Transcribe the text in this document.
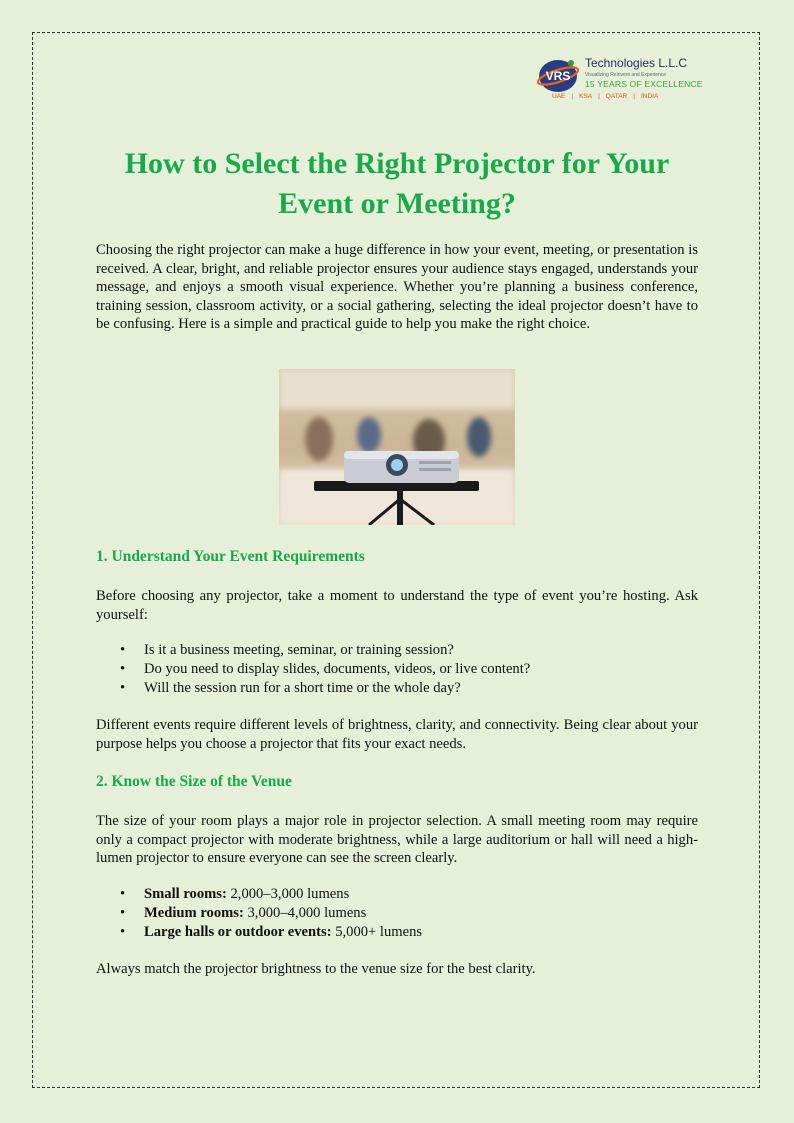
VRS
Technologies L.L.C
Visualizing Reinvent and Experience
15 YEARS OF EXCELLENCE
UAE | KSA | QATAR | INDIA
How to Select the Right Projector for Your Event or Meeting?

Choosing the right projector can make a huge difference in how your event, meeting, or presentation is received. A clear, bright, and reliable projector ensures your audience stays engaged, understands your message, and enjoys a smooth visual experience. Whether you’re planning a business conference, training session, classroom activity, or a social gathering, selecting the ideal projector doesn’t have to be confusing. Here is a simple and practical guide to help you make the right choice.

1. Understand Your Event Requirements

Before choosing any projector, take a moment to understand the type of event you’re hosting. Ask yourself:

• Is it a business meeting, seminar, or training session?
• Do you need to display slides, documents, videos, or live content?
• Will the session run for a short time or the whole day?

Different events require different levels of brightness, clarity, and connectivity. Being clear about your purpose helps you choose a projector that fits your exact needs.

2. Know the Size of the Venue

The size of your room plays a major role in projector selection. A small meeting room may require only a compact projector with moderate brightness, while a large auditorium or hall will need a high-lumen projector to ensure everyone can see the screen clearly.

• Small rooms: 2,000–3,000 lumens
• Medium rooms: 3,000–4,000 lumens
• Large halls or outdoor events: 5,000+ lumens

Always match the projector brightness to the venue size for the best clarity.
